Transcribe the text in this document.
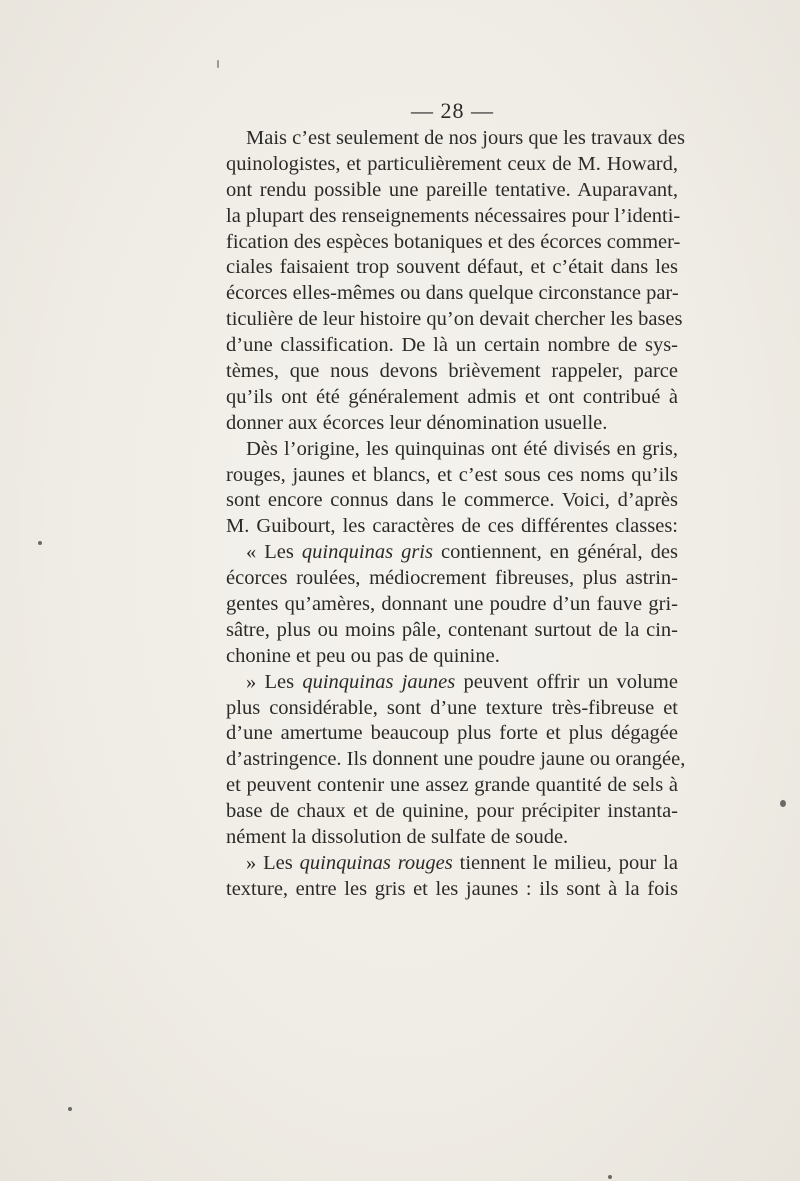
— 28 —
Mais c’est seulement de nos jours que les travaux des
quinologistes, et particulièrement ceux de M. Howard,
ont rendu possible une pareille tentative. Auparavant,
la plupart des renseignements nécessaires pour l’identi-
fication des espèces botaniques et des écorces commer-
ciales faisaient trop souvent défaut, et c’était dans les
écorces elles-mêmes ou dans quelque circonstance par-
ticulière de leur histoire qu’on devait chercher les bases
d’une classification. De là un certain nombre de sys-
tèmes, que nous devons brièvement rappeler, parce
qu’ils ont été généralement admis et ont contribué à
donner aux écorces leur dénomination usuelle.
Dès l’origine, les quinquinas ont été divisés en gris,
rouges, jaunes et blancs, et c’est sous ces noms qu’ils
sont encore connus dans le commerce. Voici, d’après
M. Guibourt, les caractères de ces différentes classes:
« Les quinquinas gris contiennent, en général, des
écorces roulées, médiocrement fibreuses, plus astrin-
gentes qu’amères, donnant une poudre d’un fauve gri-
sâtre, plus ou moins pâle, contenant surtout de la cin-
chonine et peu ou pas de quinine.
» Les quinquinas jaunes peuvent offrir un volume
plus considérable, sont d’une texture très-fibreuse et
d’une amertume beaucoup plus forte et plus dégagée
d’astringence. Ils donnent une poudre jaune ou orangée,
et peuvent contenir une assez grande quantité de sels à
base de chaux et de quinine, pour précipiter instanta-
nément la dissolution de sulfate de soude.
» Les quinquinas rouges tiennent le milieu, pour la
texture, entre les gris et les jaunes : ils sont à la fois
